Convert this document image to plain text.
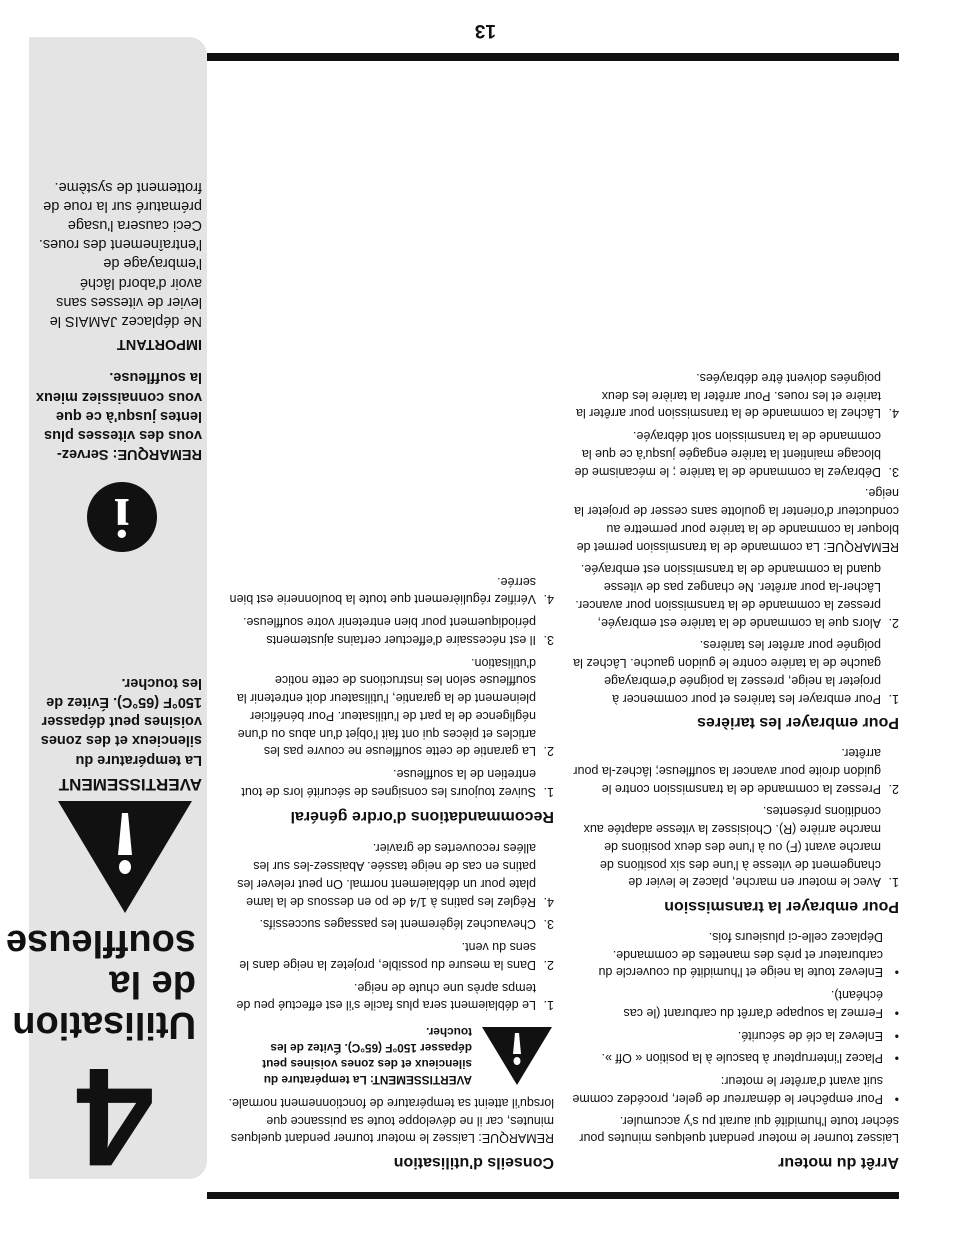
4
Utilisation de la souffleuse
AVERTISSEMENT

La température du silencieux et des zones voisines peut dépasser 150°F (65°C). Évitez de les toucher.

i

REMARQUE: Servez-vous des vitesses plus lentes jusqu'à ce que vous connaissiez mieux la souffleuse.

IMPORTANT

Ne déplacez JAMAIS le levier de vitesses sans avoir d'abord lâché l'embrayage de l'entraînement des roues. Ceci causera l'usage prématuré sur la roue de frottement de système.

Conseils d'utilisation

REMARQUE: Laissez le moteur tourner pendant quelques minutes, car il ne développe toute sa puissance que lorsqu'il atteint sa température de fonctionnement normale.

AVERTISSEMENT: La température du silencieux et des zones voisines peut dépasser 150°F (65°C). Évitez de les toucher.
1.
Le déblaiement sera plus facile s'il est effectué peu de temps après une chute de neige.
2.
Dans la mesure du possible, projetez la neige dans le sens du vent.
3.
Chevauchez légèrement les passages successifs.
4.
Réglez les patins à 1/4 de po en dessous de la lame plate pour un déblaiement normal. On peut relever les patins en cas de neige tassée. Abaissez-les sur les allées recouvertes de gravier.
Recommandations d'ordre général
1.
Suivez toujours les consignes de sécurité lors de tout entretien de la souffleuse.
2.
La garantie de cette souffleuse ne couvre pas les articles et pièces qui ont fait l'objet d'un abus ou d'une négligence de la part de l'utilisateur. Pour bénéficier pleinement de la garantie, l'utilisateur doit entretenir la souffleuse selon les instructions de cette notice d'utilisation.
3.
Il est nécessaire d'effectuer certains ajustements périodiquement pour bien entretenir votre souffleuse.
4.
Vérifiez régulièrement que toute la boulonnerie est bien serrée.
Arrêt du moteur

Laissez tourner le moteur pendant quelques minutes pour sécher toute l'humidité qui aurait pu s'y accumuler.

•
Pour empêcher le démarreur de geler, procédez comme suit avant d'arrêter le moteur:
•
Placez l'interrupteur à bascule à la position « Off ».
•
Enlevez la clé de sécurité.
•
Fermez la soupape d'arrêt du carburant (le cas échéant).
•
Enlevez toute la neige et l'humidité du couvercle du carburateur et près des manettes de commande. Déplacez celle-ci plusieurs fois.
Pour embrayer la transmission
1.
Avec le moteur en marche, placez le levier de changement de vitesse à l'une des six positions de marche avant (F) ou à l'une des deux positions de marche arrière (R). Choisissez la vitesse adaptée aux conditions présentes.
2.
Pressez la commande de la transmission contre le guidon droite pour avancer la souffleuse; lâchez-la pour arrêter.
Pour embrayer les tarières
1.
Pour embrayer les tarières et pour commencer à projeter la neige, pressez la poignée d'embrayage gauche de la tarière contre le guidon gauche. Lâchez la poignée pour arrêter les tarières.
2.
Alors que la commande de la tarière est embrayée, pressez la commande de la transmission pour avancer. Lâcher-la pour arrêter. Ne changez pas de vitesse quand la commande de la transmission est embrayée.

REMARQUE: La commande de la transmission permet de bloquer la commande de la tarière pour permettre au conducteur d'orienter la goulotte sans cesser de projeter la neige.

3.
Débrayez la commande de la tarière ; le mécanisme de blocage maintient la tarière engagée jusqu'à ce que la commande de la transmission soit débrayée.
4.
Lâchez la commande de la transmission pour arrêter la tarière et les roues. Pour arrêter la tarière les deux poignées doivent être débrayées.
13
